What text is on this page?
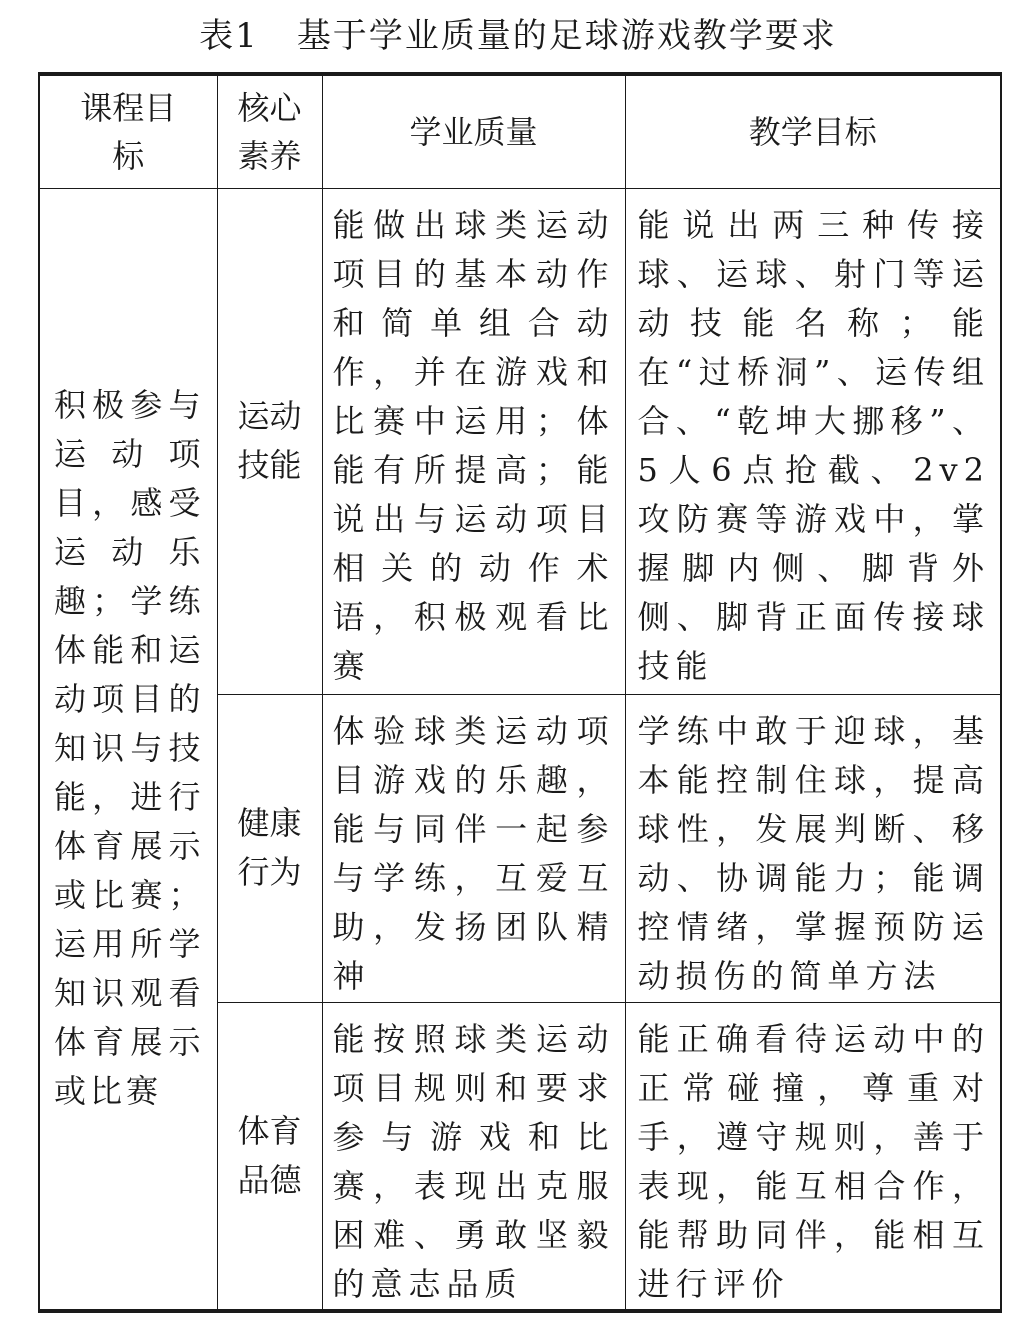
表1 基于学业质量的足球游戏教学要求
课程目标	核心素养	学业质量	教学目标
积极参与运动项目，感受运动乐趣；学练体能和运动项目的知识与技能，进行体育展示或比赛；运用所学知识观看体育展示或比赛	运动技能	能做出球类运动项目的基本动作和简单组合动作，并在游戏和比赛中运用；体能有所提高；能说出与运动项目相关的动作术语，积极观看比赛	能说出两三种传接球、运球、射门等运动技能名称；能在“过桥洞”、运传组合、“乾坤大挪移”、5人6点抢截、2v2攻防赛等游戏中，掌握脚内侧、脚背外侧、脚背正面传接球技能
	健康行为	体验球类运动项目游戏的乐趣，能与同伴一起参与学练，互爱互助，发扬团队精神	学练中敢于迎球，基本能控制住球，提高球性，发展判断、移动、协调能力；能调控情绪，掌握预防运动损伤的简单方法
	体育品德	能按照球类运动项目规则和要求参与游戏和比赛，表现出克服困难、勇敢坚毅的意志品质	能正确看待运动中的正常碰撞，尊重对手，遵守规则，善于表现，能互相合作，能帮助同伴，能相互进行评价
